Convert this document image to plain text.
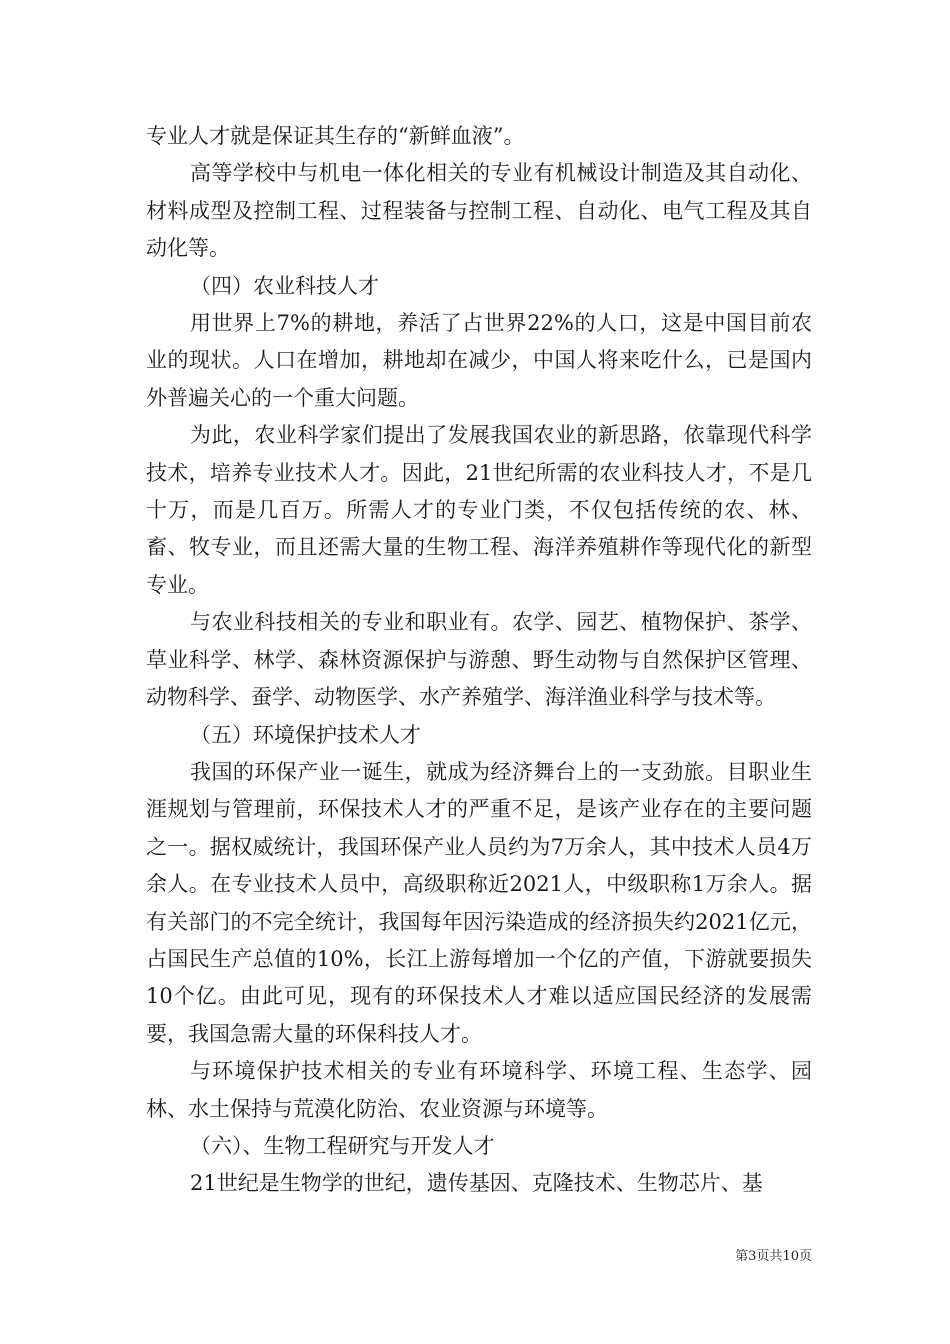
专业人才就是保证其生存的“新鲜血液”。

高等学校中与机电一体化相关的专业有机械设计制造及其自动化、材料成型及控制工程、过程装备与控制工程、自动化、电气工程及其自动化等。

（四）农业科技人才

用世界上7%的耕地，养活了占世界22%的人口，这是中国目前农业的现状。人口在增加，耕地却在减少，中国人将来吃什么，已是国内外普遍关心的一个重大问题。

为此，农业科学家们提出了发展我国农业的新思路，依靠现代科学技术，培养专业技术人才。因此，21世纪所需的农业科技人才，不是几十万，而是几百万。所需人才的专业门类，不仅包括传统的农、林、畜、牧专业，而且还需大量的生物工程、海洋养殖耕作等现代化的新型专业。

与农业科技相关的专业和职业有。农学、园艺、植物保护、茶学、草业科学、林学、森林资源保护与游憩、野生动物与自然保护区管理、动物科学、蚕学、动物医学、水产养殖学、海洋渔业科学与技术等。

（五）环境保护技术人才

我国的环保产业一诞生，就成为经济舞台上的一支劲旅。目职业生涯规划与管理前，环保技术人才的严重不足，是该产业存在的主要问题之一。据权威统计，我国环保产业人员约为7万余人，其中技术人员4万余人。在专业技术人员中，高级职称近2021人，中级职称1万余人。据有关部门的不完全统计，我国每年因污染造成的经济损失约2021亿元，占国民生产总值的10%，长江上游每增加一个亿的产值，下游就要损失10个亿。由此可见，现有的环保技术人才难以适应国民经济的发展需要，我国急需大量的环保科技人才。

与环境保护技术相关的专业有环境科学、环境工程、生态学、园林、水土保持与荒漠化防治、农业资源与环境等。

（六）、生物工程研究与开发人才

21世纪是生物学的世纪，遗传基因、克隆技术、生物芯片、基

第3页共10页
